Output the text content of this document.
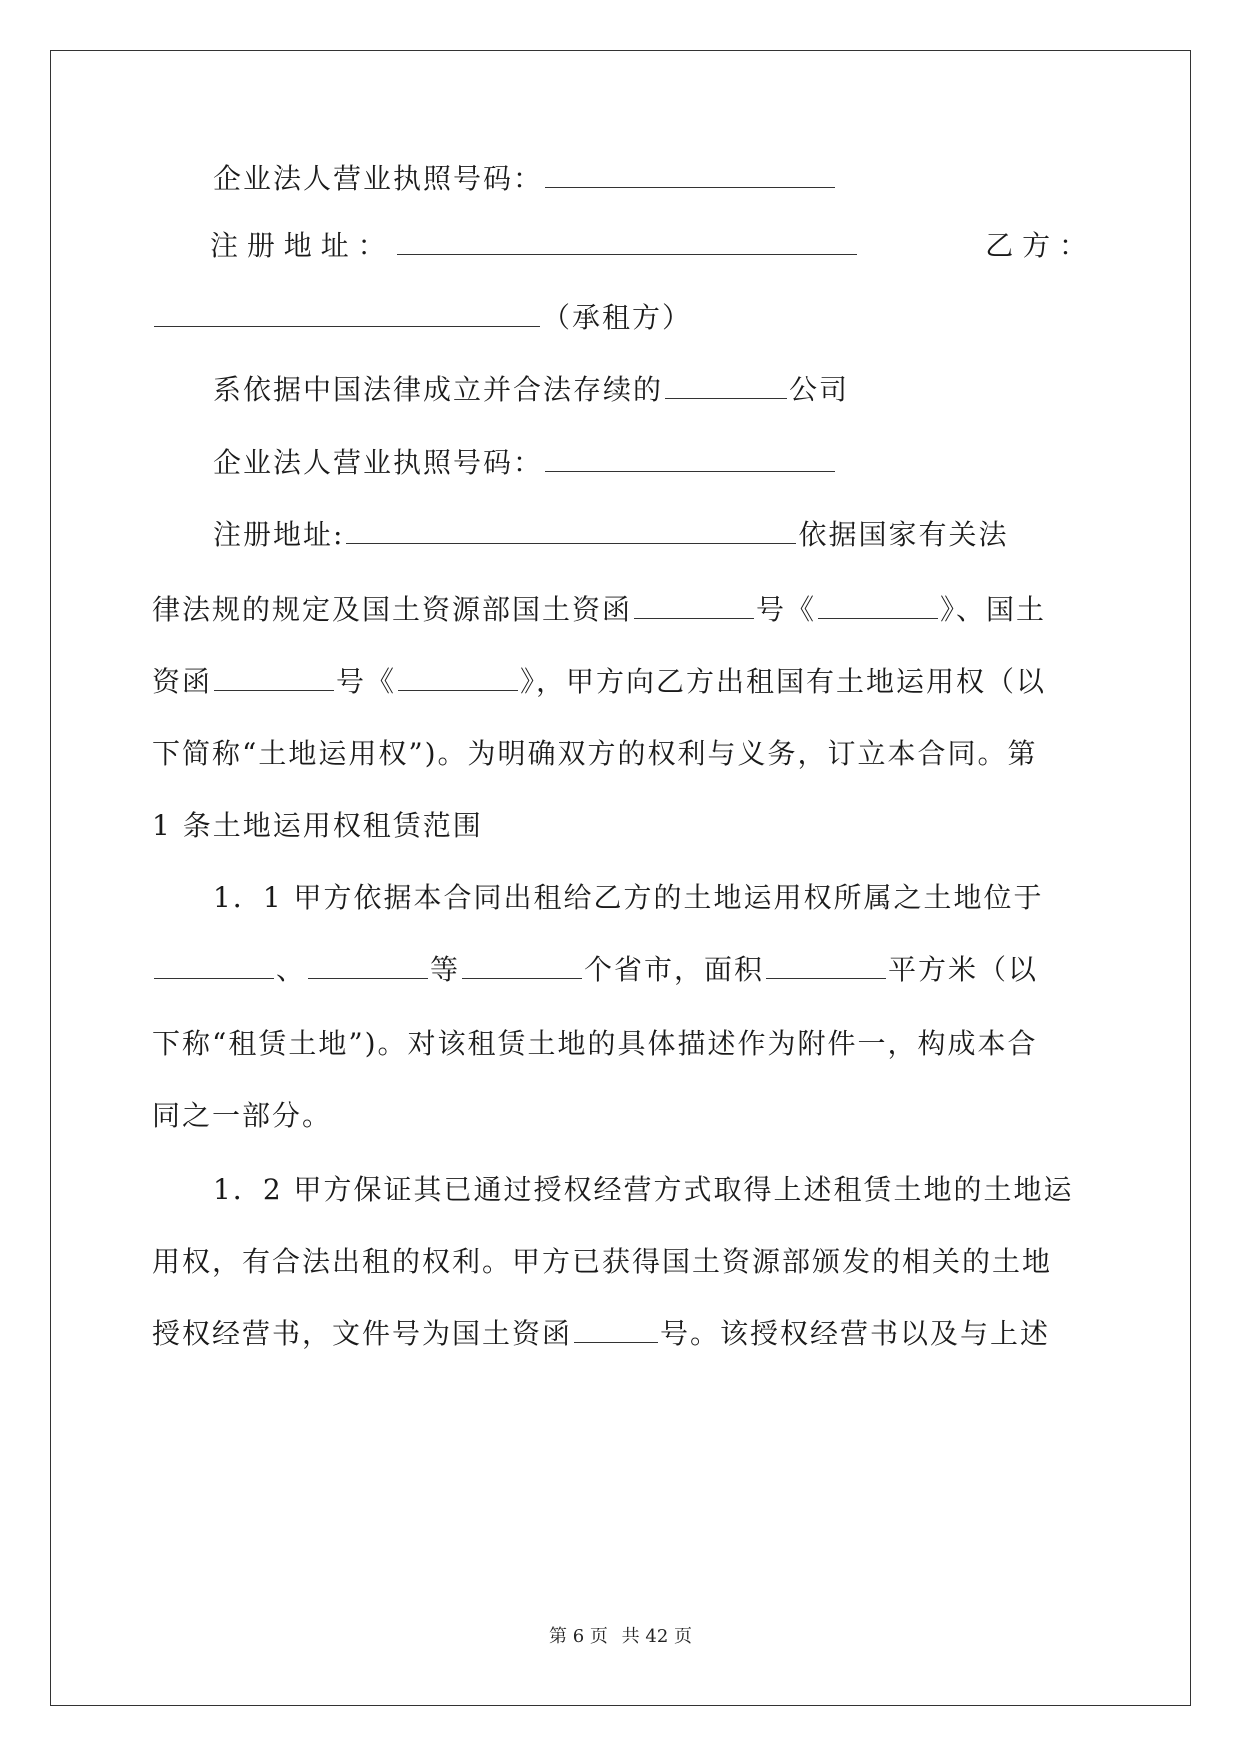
企业法人营业执照号码：
注 册 地 址 ：	乙 方 ：
（承租方）
系依据中国法律成立并合法存续的	公司
企业法人营业执照号码：
注册地址:	依据国家有关法
律法规的规定及国土资源部国土资函	号《	》、国土
资函	号《	》，甲方向乙方出租国有土地运用权（以
下简称“土地运用权”)。为明确双方的权利与义务，订立本合同。第
1 条土地运用权租赁范围
1．1 甲方依据本合同出租给乙方的土地运用权所属之土地位于
、	等	个省市，面积	平方米（以
下称“租赁土地”)。对该租赁土地的具体描述作为附件一，构成本合
同之一部分。
1．2 甲方保证其已通过授权经营方式取得上述租赁土地的土地运
用权，有合法出租的权利。甲方已获得国土资源部颁发的相关的土地
授权经营书，文件号为国土资函	号。该授权经营书以及与上述
第 6 页 共 42 页
